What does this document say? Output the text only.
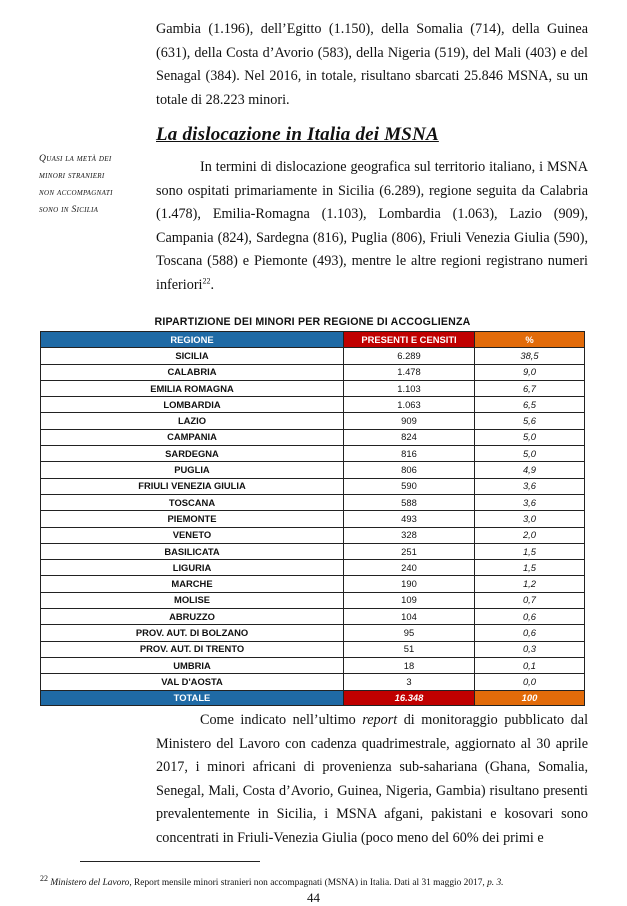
Gambia (1.196), dell’Egitto (1.150), della Somalia (714), della Guinea (631), della Costa d’Avorio (583), della Nigeria (519), del Mali (403) e del Senagal (384). Nel 2016, in totale, risultano sbarcati 25.846 MSNA, su un totale di 28.223 minori.
La dislocazione in Italia dei MSNA
Quasi la metà dei
minori stranieri
non accompagnati
sono in Sicilia
In termini di dislocazione geografica sul territorio italiano, i MSNA sono ospitati primariamente in Sicilia (6.289), regione seguita da Calabria (1.478), Emilia-Romagna (1.103), Lombardia (1.063), Lazio (909), Campania (824), Sardegna (816), Puglia (806), Friuli Venezia Giulia (590), Toscana (588) e Piemonte (493), mentre le altre regioni registrano numeri inferiori$^{22}$.
RIPARTIZIONE DEI MINORI PER REGIONE DI ACCOGLIENZA
REGIONE	PRESENTI E CENSITI	%
SICILIA	6.289	38,5
CALABRIA	1.478	9,0
EMILIA ROMAGNA	1.103	6,7
LOMBARDIA	1.063	6,5
LAZIO	909	5,6
CAMPANIA	824	5,0
SARDEGNA	816	5,0
PUGLIA	806	4,9
FRIULI VENEZIA GIULIA	590	3,6
TOSCANA	588	3,6
PIEMONTE	493	3,0
VENETO	328	2,0
BASILICATA	251	1,5
LIGURIA	240	1,5
MARCHE	190	1,2
MOLISE	109	0,7
ABRUZZO	104	0,6
PROV. AUT. DI BOLZANO	95	0,6
PROV. AUT. DI TRENTO	51	0,3
UMBRIA	18	0,1
VAL D'AOSTA	3	0,0
TOTALE	16.348	100
Come indicato nell’ultimo report di monitoraggio pubblicato dal Ministero del Lavoro con cadenza quadrimestrale, aggiornato al 30 aprile 2017, i minori africani di provenienza sub-sahariana (Ghana, Somalia, Senegal, Mali, Costa d’Avorio, Guinea, Nigeria, Gambia) risultano presenti prevalentemente in Sicilia, i MSNA afgani, pakistani e kosovari sono concentrati in Friuli-Venezia Giulia (poco meno del 60% dei primi e
$^{22}$ Ministero del Lavoro, Report mensile minori stranieri non accompagnati (MSNA) in Italia. Dati al 31 maggio 2017, p. 3.
44
